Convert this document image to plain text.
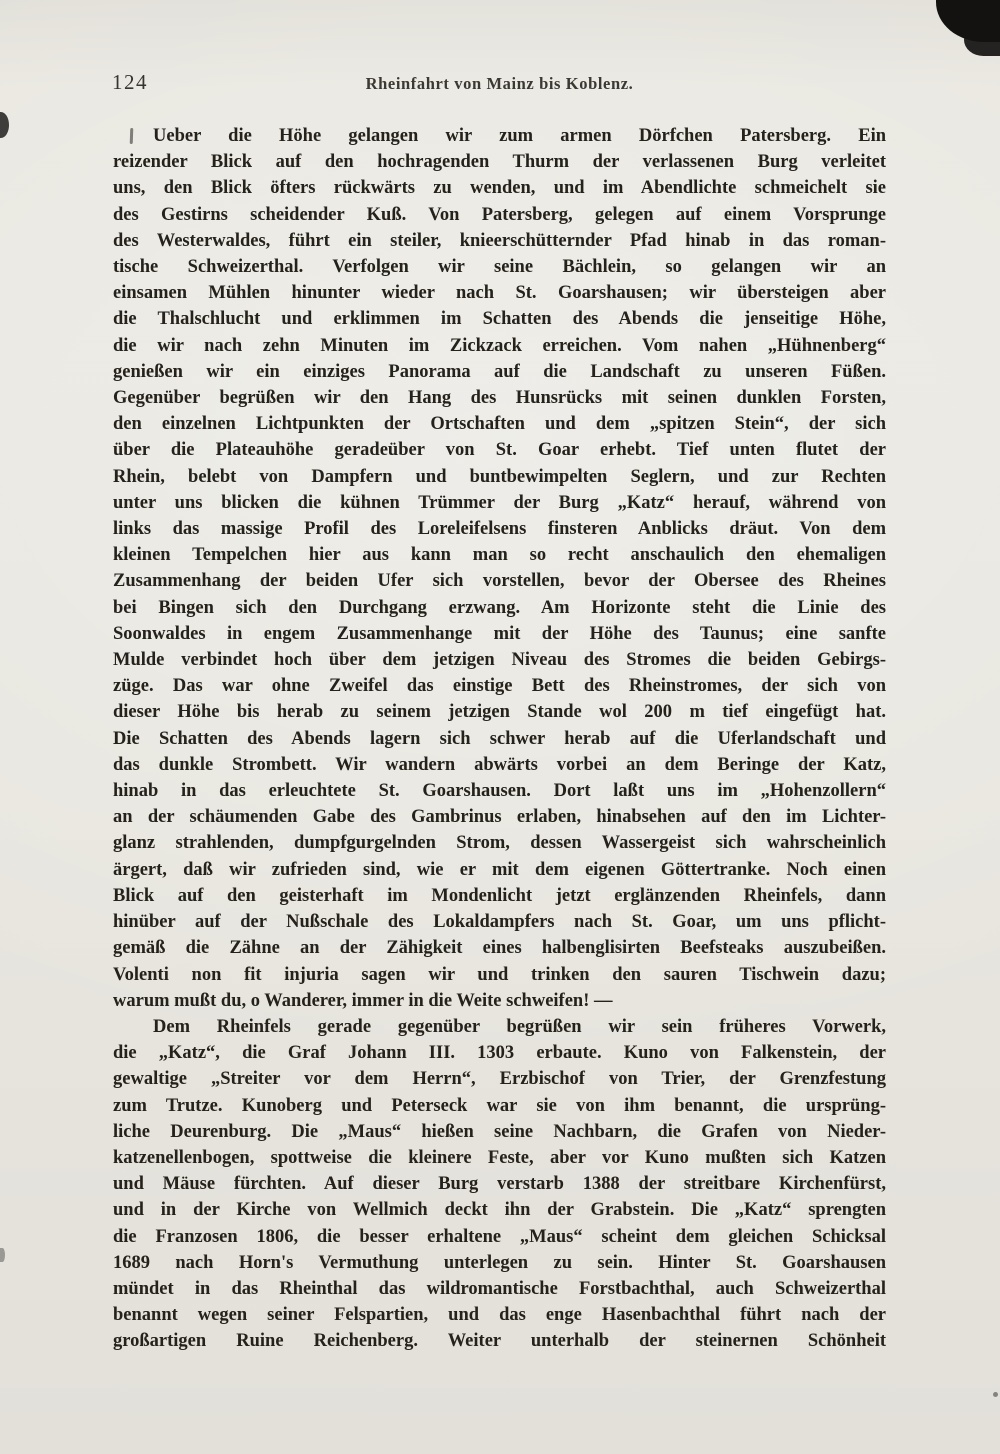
124	Rheinfahrt von Mainz bis Koblenz.
Ueber die Höhe gelangen wir zum armen Dörfchen Patersberg. Ein
reizender Blick auf den hochragenden Thurm der verlassenen Burg verleitet
uns, den Blick öfters rückwärts zu wenden, und im Abendlichte schmeichelt sie
des Gestirns scheidender Kuß. Von Patersberg, gelegen auf einem Vorsprunge
des Westerwaldes, führt ein steiler, knieerschütternder Pfad hinab in das roman-
tische Schweizerthal. Verfolgen wir seine Bächlein, so gelangen wir an
einsamen Mühlen hinunter wieder nach St. Goarshausen; wir übersteigen aber
die Thalschlucht und erklimmen im Schatten des Abends die jenseitige Höhe,
die wir nach zehn Minuten im Zickzack erreichen. Vom nahen „Hühnenberg“
genießen wir ein einziges Panorama auf die Landschaft zu unseren Füßen.
Gegenüber begrüßen wir den Hang des Hunsrücks mit seinen dunklen Forsten,
den einzelnen Lichtpunkten der Ortschaften und dem „spitzen Stein“, der sich
über die Plateauhöhe geradeüber von St. Goar erhebt. Tief unten flutet der
Rhein, belebt von Dampfern und buntbewimpelten Seglern, und zur Rechten
unter uns blicken die kühnen Trümmer der Burg „Katz“ herauf, während von
links das massige Profil des Loreleifelsens finsteren Anblicks dräut. Von dem
kleinen Tempelchen hier aus kann man so recht anschaulich den ehemaligen
Zusammenhang der beiden Ufer sich vorstellen, bevor der Obersee des Rheines
bei Bingen sich den Durchgang erzwang. Am Horizonte steht die Linie des
Soonwaldes in engem Zusammenhange mit der Höhe des Taunus; eine sanfte
Mulde verbindet hoch über dem jetzigen Niveau des Stromes die beiden Gebirgs-
züge. Das war ohne Zweifel das einstige Bett des Rheinstromes, der sich von
dieser Höhe bis herab zu seinem jetzigen Stande wol 200 m tief eingefügt hat.
Die Schatten des Abends lagern sich schwer herab auf die Uferlandschaft und
das dunkle Strombett. Wir wandern abwärts vorbei an dem Beringe der Katz,
hinab in das erleuchtete St. Goarshausen. Dort laßt uns im „Hohenzollern“
an der schäumenden Gabe des Gambrinus erlaben, hinabsehen auf den im Lichter-
glanz strahlenden, dumpfgurgelnden Strom, dessen Wassergeist sich wahrscheinlich
ärgert, daß wir zufrieden sind, wie er mit dem eigenen Göttertranke. Noch einen
Blick auf den geisterhaft im Mondenlicht jetzt erglänzenden Rheinfels, dann
hinüber auf der Nußschale des Lokaldampfers nach St. Goar, um uns pflicht-
gemäß die Zähne an der Zähigkeit eines halbenglisirten Beefsteaks auszubeißen.
Volenti non fit injuria sagen wir und trinken den sauren Tischwein dazu;
warum mußt du, o Wanderer, immer in die Weite schweifen! —
Dem Rheinfels gerade gegenüber begrüßen wir sein früheres Vorwerk,
die „Katz“, die Graf Johann III. 1303 erbaute. Kuno von Falkenstein, der
gewaltige „Streiter vor dem Herrn“, Erzbischof von Trier, der Grenzfestung
zum Trutze. Kunoberg und Peterseck war sie von ihm benannt, die ursprüng-
liche Deurenburg. Die „Maus“ hießen seine Nachbarn, die Grafen von Nieder-
katzenellenbogen, spottweise die kleinere Feste, aber vor Kuno mußten sich Katzen
und Mäuse fürchten. Auf dieser Burg verstarb 1388 der streitbare Kirchenfürst,
und in der Kirche von Wellmich deckt ihn der Grabstein. Die „Katz“ sprengten
die Franzosen 1806, die besser erhaltene „Maus“ scheint dem gleichen Schicksal
1689 nach Horn's Vermuthung unterlegen zu sein. Hinter St. Goarshausen
mündet in das Rheinthal das wildromantische Forstbachthal, auch Schweizerthal
benannt wegen seiner Felspartien, und das enge Hasenbachthal führt nach der
großartigen Ruine Reichenberg. Weiter unterhalb der steinernen Schönheit
